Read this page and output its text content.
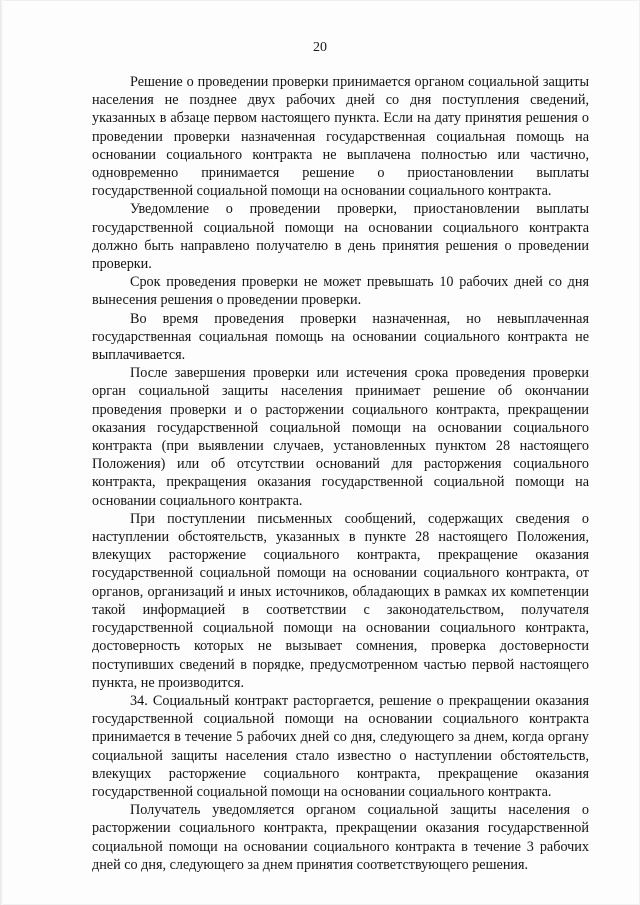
20

Решение о проведении проверки принимается органом социальной защиты населения не позднее двух рабочих дней со дня поступления сведений, указанных в абзаце первом настоящего пункта. Если на дату принятия решения о проведении проверки назначенная государственная социальная помощь на основании социального контракта не выплачена полностью или частично, одновременно принимается решение о приостановлении выплаты государственной социальной помощи на основании социального контракта.

Уведомление о проведении проверки, приостановлении выплаты государственной социальной помощи на основании социального контракта должно быть направлено получателю в день принятия решения о проведении проверки.

Срок проведения проверки не может превышать 10 рабочих дней со дня вынесения решения о проведении проверки.

Во время проведения проверки назначенная, но невыплаченная государственная социальная помощь на основании социального контракта не выплачивается.

После завершения проверки или истечения срока проведения проверки орган социальной защиты населения принимает решение об окончании проведения проверки и о расторжении социального контракта, прекращении оказания государственной социальной помощи на основании социального контракта (при выявлении случаев, установленных пунктом 28 настоящего Положения) или об отсутствии оснований для расторжения социального контракта, прекращения оказания государственной социальной помощи на основании социального контракта.

При поступлении письменных сообщений, содержащих сведения о наступлении обстоятельств, указанных в пункте 28 настоящего Положения, влекущих расторжение социального контракта, прекращение оказания государственной социальной помощи на основании социального контракта, от органов, организаций и иных источников, обладающих в рамках их компетенции такой информацией в соответствии с законодательством, получателя государственной социальной помощи на основании социального контракта, достоверность которых не вызывает сомнения, проверка достоверности поступивших сведений в порядке, предусмотренном частью первой настоящего пункта, не производится.

34. Социальный контракт расторгается, решение о прекращении оказания государственной социальной помощи на основании социального контракта принимается в течение 5 рабочих дней со дня, следующего за днем, когда органу социальной защиты населения стало известно о наступлении обстоятельств, влекущих расторжение социального контракта, прекращение оказания государственной социальной помощи на основании социального контракта.

Получатель уведомляется органом социальной защиты населения о расторжении социального контракта, прекращении оказания государственной социальной помощи на основании социального контракта в течение 3 рабочих дней со дня, следующего за днем принятия соответствующего решения.
